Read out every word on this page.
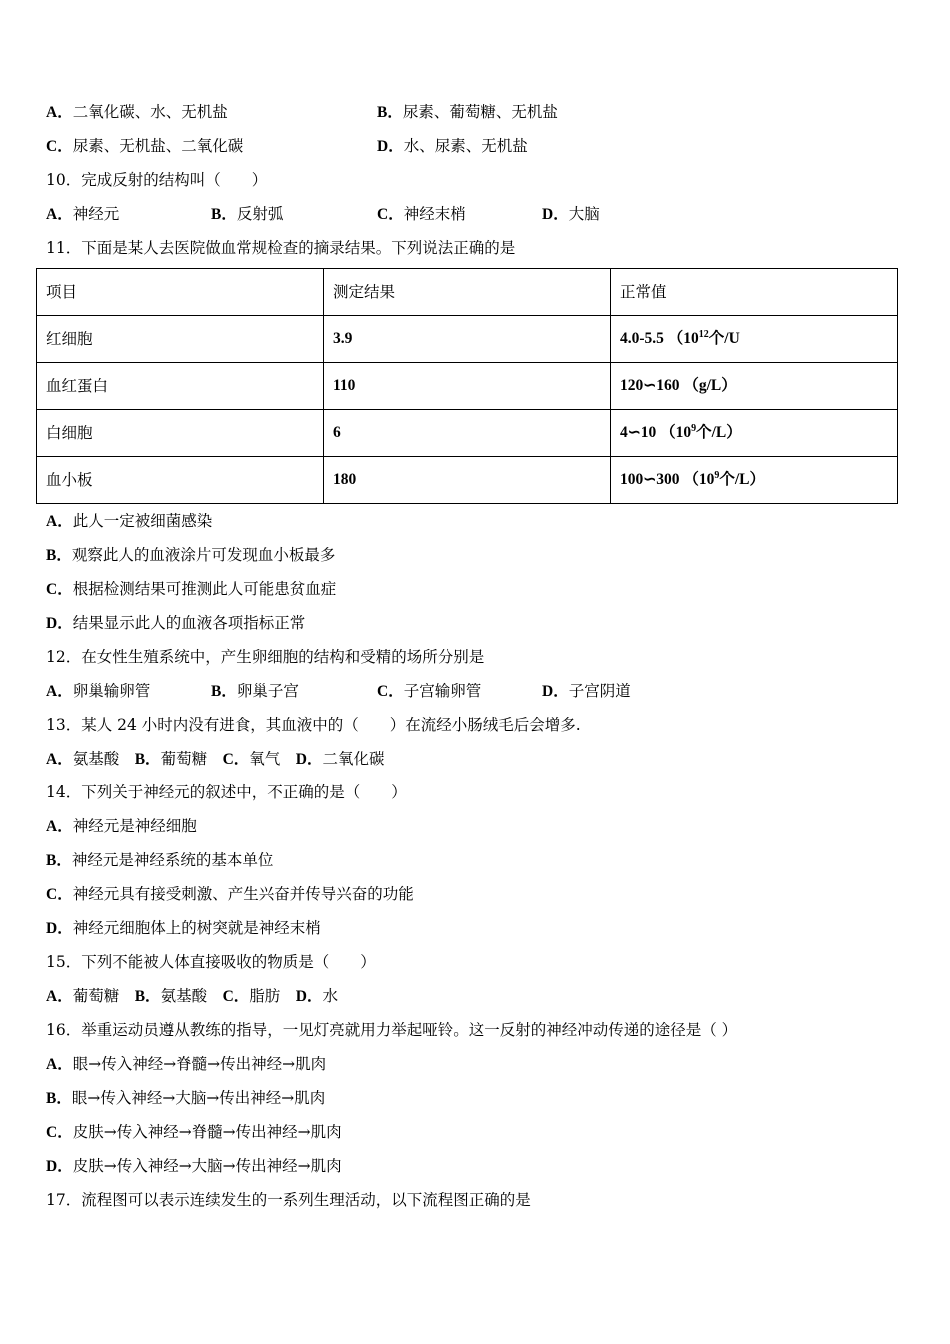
A．二氧化碳、水、无机盐	B．尿素、葡萄糖、无机盐
C．尿素、无机盐、二氧化碳	D．水、尿素、无机盐
10．完成反射的结构叫（　　）
A．神经元	B．反射弧	C．神经末梢	D．大脑
11．下面是某人去医院做血常规检查的摘录结果。下列说法正确的是
项目	测定结果	正常值
红细胞	3.9	4.0-5.5 （$10^{12}$个/U
血红蛋白	110	120∽160 （g/L）
白细胞	6	4∽10 （$10^9$个/L）
血小板	180	100∽300 （$10^9$个/L）
A．此人一定被细菌感染
B．观察此人的血液涂片可发现血小板最多
C．根据检测结果可推测此人可能患贫血症
D．结果显示此人的血液各项指标正常
12．在女性生殖系统中，产生卵细胞的结构和受精的场所分别是
A．卵巢输卵管	B．卵巢子宫	C．子宫输卵管	D．子宫阴道
13．某人 24 小时内没有进食，其血液中的（　　）在流经小肠绒毛后会增多.
A．氨基酸  B．葡萄糖  C．氧气  D．二氧化碳
14．下列关于神经元的叙述中，不正确的是（　　）
A．神经元是神经细胞
B．神经元是神经系统的基本单位
C．神经元具有接受刺激、产生兴奋并传导兴奋的功能
D．神经元细胞体上的树突就是神经末梢
15．下列不能被人体直接吸收的物质是（　　）
A．葡萄糖  B．氨基酸  C．脂肪  D．水
16．举重运动员遵从教练的指导，一见灯亮就用力举起哑铃。这一反射的神经冲动传递的途径是（ ）
A．眼→传入神经→脊髓→传出神经→肌肉
B．眼→传入神经→大脑→传出神经→肌肉
C．皮肤→传入神经→脊髓→传出神经→肌肉
D．皮肤→传入神经→大脑→传出神经→肌肉
17．流程图可以表示连续发生的一系列生理活动，以下流程图正确的是
